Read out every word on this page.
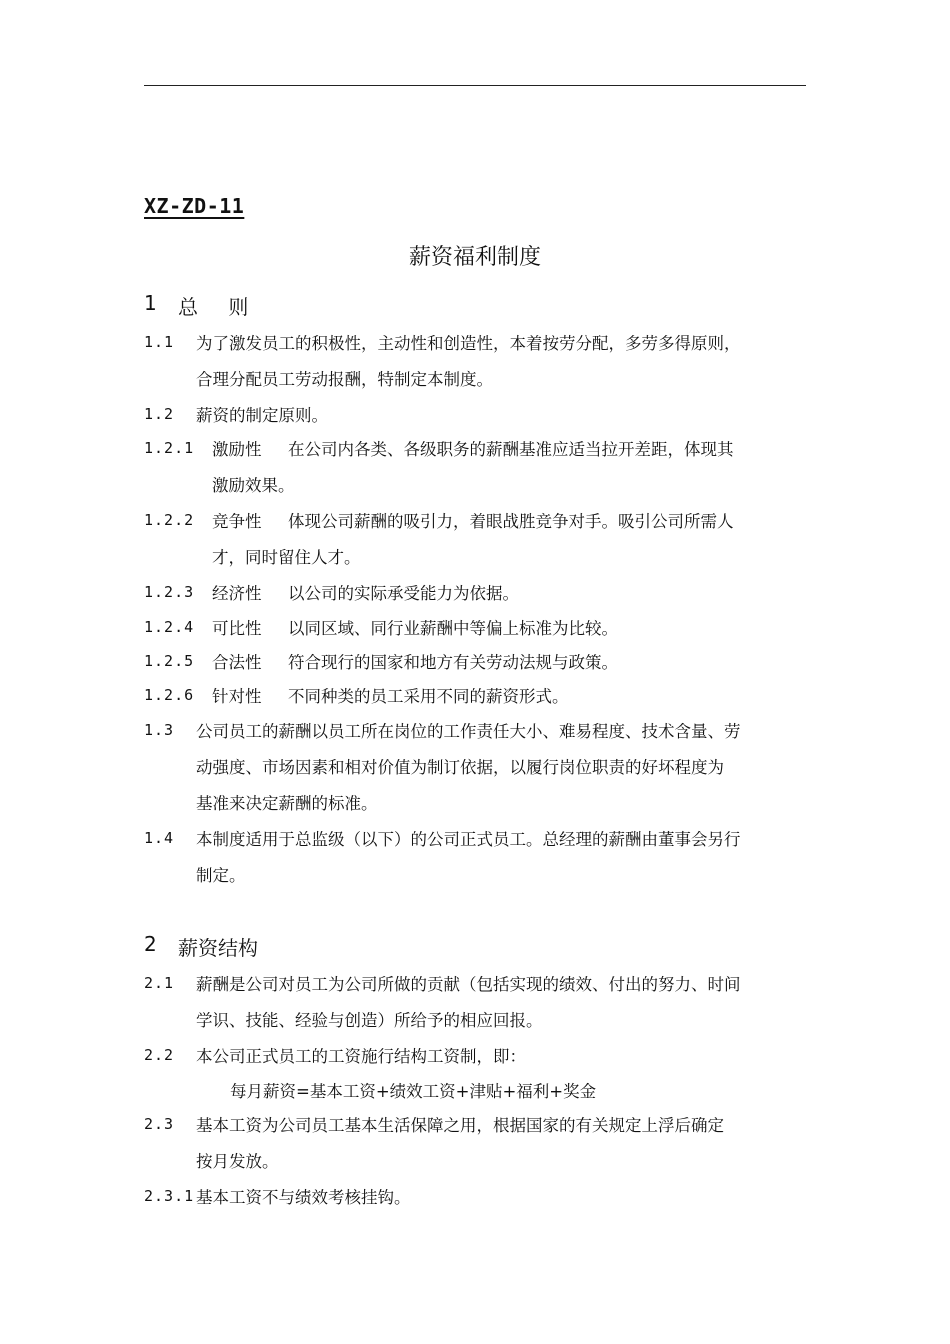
XZ-ZD-11
薪资福利制度
1	总 则
1.1	为了激发员工的积极性，主动性和创造性，本着按劳分配，多劳多得原则，
合理分配员工劳动报酬，特制定本制度。
1.2	薪资的制定原则。
1.2.1	激励性	在公司内各类、各级职务的薪酬基准应适当拉开差距，体现其
激励效果。
1.2.2	竞争性	体现公司薪酬的吸引力，着眼战胜竞争对手。吸引公司所需人
才，同时留住人才。
1.2.3	经济性	以公司的实际承受能力为依据。
1.2.4	可比性	以同区域、同行业薪酬中等偏上标准为比较。
1.2.5	合法性	符合现行的国家和地方有关劳动法规与政策。
1.2.6	针对性	不同种类的员工采用不同的薪资形式。
1.3	公司员工的薪酬以员工所在岗位的工作责任大小、难易程度、技术含量、劳
动强度、市场因素和相对价值为制订依据，以履行岗位职责的好坏程度为
基准来决定薪酬的标准。
1.4	本制度适用于总监级（以下）的公司正式员工。总经理的薪酬由董事会另行
制定。
2	薪资结构
2.1	薪酬是公司对员工为公司所做的贡献（包括实现的绩效、付出的努力、时间
学识、技能、经验与创造）所给予的相应回报。
2.2	本公司正式员工的工资施行结构工资制，即：
每月薪资=基本工资+绩效工资+津贴+福利+奖金
2.3	基本工资为公司员工基本生活保障之用，根据国家的有关规定上浮后确定
按月发放。
2.3.1 基本工资不与绩效考核挂钩。
